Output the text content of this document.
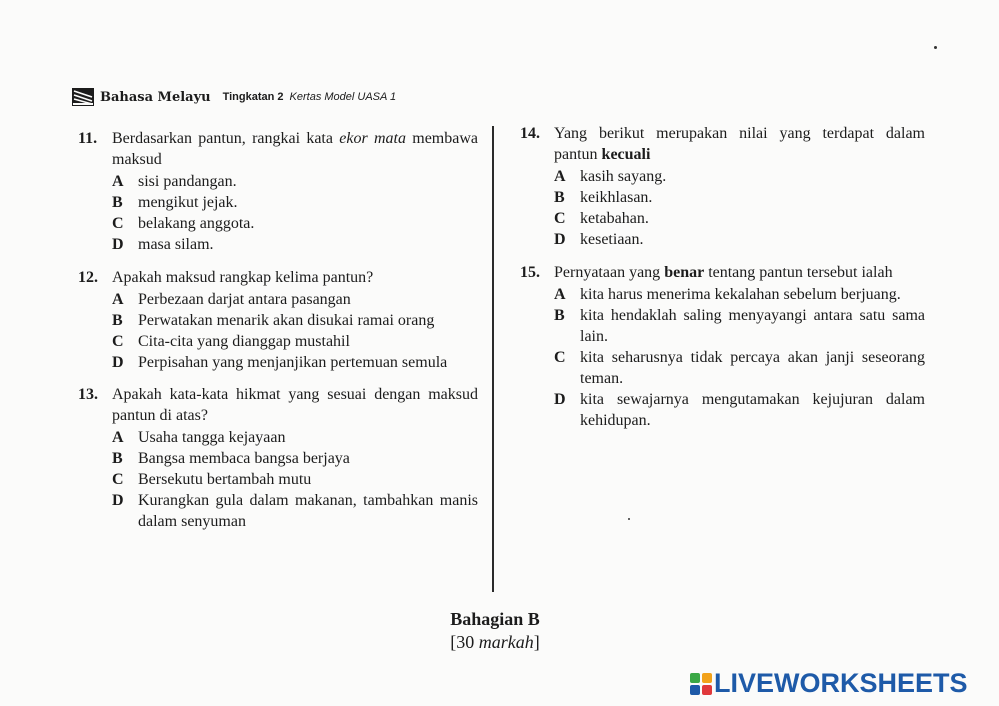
Bahasa Melayu Tingkatan 2 Kertas Model UASA 1
11. Berdasarkan pantun, rangkai kata ekor mata membawa maksud
A sisi pandangan.
B mengikut jejak.
C belakang anggota.
D masa silam.
12. Apakah maksud rangkap kelima pantun?
A Perbezaan darjat antara pasangan
B Perwatakan menarik akan disukai ramai orang
C Cita-cita yang dianggap mustahil
D Perpisahan yang menjanjikan pertemuan semula
13. Apakah kata-kata hikmat yang sesuai dengan maksud pantun di atas?
A Usaha tangga kejayaan
B Bangsa membaca bangsa berjaya
C Bersekutu bertambah mutu
D Kurangkan gula dalam makanan, tambahkan manis dalam senyuman
14. Yang berikut merupakan nilai yang terdapat dalam pantun kecuali
A kasih sayang.
B keikhlasan.
C ketabahan.
D kesetiaan.
15. Pernyataan yang benar tentang pantun tersebut ialah
A kita harus menerima kekalahan sebelum berjuang.
B kita hendaklah saling menyayangi antara satu sama lain.
C kita seharusnya tidak percaya akan janji seseorang teman.
D kita sewajarnya mengutamakan kejujuran dalam kehidupan.
Bahagian B
[30 markah]
LIVEWORKSHEETS
